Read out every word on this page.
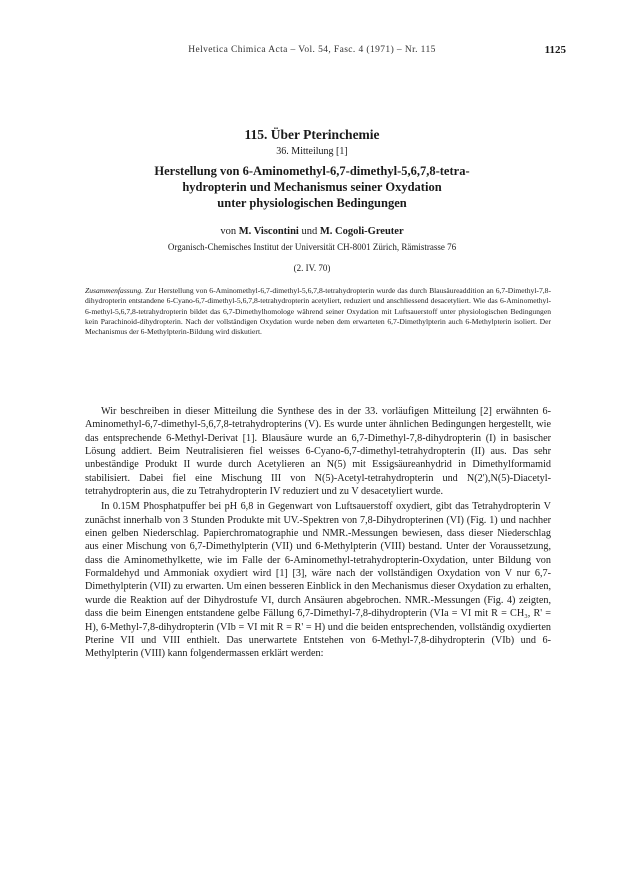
Helvetica Chimica Acta – Vol. 54, Fasc. 4 (1971) – Nr. 115	1125
115. Über Pterinchemie
36. Mitteilung [1]
Herstellung von 6-Aminomethyl-6,7-dimethyl-5,6,7,8-tetra-
hydropterin und Mechanismus seiner Oxydation
unter physiologischen Bedingungen
von M. Viscontini und M. Cogoli-Greuter
Organisch-Chemisches Institut der Universität CH-8001 Zürich, Rämistrasse 76
(2. IV. 70)
Zusammenfassung. Zur Herstellung von 6-Aminomethyl-6,7-dimethyl-5,6,7,8-tetrahydropterin wurde das durch Blausäureaddition an 6,7-Dimethyl-7,8-dihydropterin entstandene 6-Cyano-6,7-dimethyl-5,6,7,8-tetrahydropterin acetyliert, reduziert und anschliessend desacetyliert. Wie das 6-Aminomethyl-6-methyl-5,6,7,8-tetrahydropterin bildet das 6,7-Dimethylhomologe während seiner Oxydation mit Luftsauerstoff unter physiologischen Bedingungen kein Parachinoid-dihydropterin. Nach der vollständigen Oxydation wurde neben dem erwarteten 6,7-Dimethylpterin auch 6-Methylpterin isoliert. Der Mechanismus der 6-Methylpterin-Bildung wird diskutiert.

Wir beschreiben in dieser Mitteilung die Synthese des in der 33. vorläufigen Mitteilung [2] erwähnten 6-Aminomethyl-6,7-dimethyl-5,6,7,8-tetrahydropterins (V). Es wurde unter ähnlichen Bedingungen hergestellt, wie das entsprechende 6-Methyl-Derivat [1]. Blausäure wurde an 6,7-Dimethyl-7,8-dihydropterin (I) in basischer Lösung addiert. Beim Neutralisieren fiel weisses 6-Cyano-6,7-dimethyl-tetrahydropterin (II) aus. Das sehr unbeständige Produkt II wurde durch Acetylieren an N(5) mit Essigsäureanhydrid in Dimethylformamid stabilisiert. Dabei fiel eine Mischung III von N(5)-Acetyl-tetrahydropterin und N(2'),N(5)-Diacetyl-tetrahydropterin aus, die zu Tetrahydropterin IV reduziert und zu V desacetyliert wurde.

In 0.15M Phosphatpuffer bei pH 6,8 in Gegenwart von Luftsauerstoff oxydiert, gibt das Tetrahydropterin V zunächst innerhalb von 3 Stunden Produkte mit UV.-Spektren von 7,8-Dihydropterinen (VI) (Fig. 1) und nachher einen gelben Niederschlag. Papierchromatographie und NMR.-Messungen bewiesen, dass dieser Niederschlag aus einer Mischung von 6,7-Dimethylpterin (VII) und 6-Methylpterin (VIII) bestand. Unter der Voraussetzung, dass die Aminomethylkette, wie im Falle der 6-Aminomethyl-tetrahydropterin-Oxydation, unter Bildung von Formaldehyd und Ammoniak oxydiert wird [1] [3], wäre nach der vollständigen Oxydation von V nur 6,7-Dimethylpterin (VII) zu erwarten. Um einen besseren Einblick in den Mechanismus dieser Oxydation zu erhalten, wurde die Reaktion auf der Dihydrostufe VI, durch Ansäuren abgebrochen. NMR.-Messungen (Fig. 4) zeigten, dass die beim Einengen entstandene gelbe Fällung 6,7-Dimethyl-7,8-dihydropterin (VIa = VI mit R = CH₃, R' = H), 6-Methyl-7,8-dihydropterin (VIb = VI mit R = R' = H) und die beiden entsprechenden, vollständig oxydierten Pterine VII und VIII enthielt. Das unerwartete Entstehen von 6-Methyl-7,8-dihydropterin (VIb) und 6-Methylpterin (VIII) kann folgendermassen erklärt werden:
